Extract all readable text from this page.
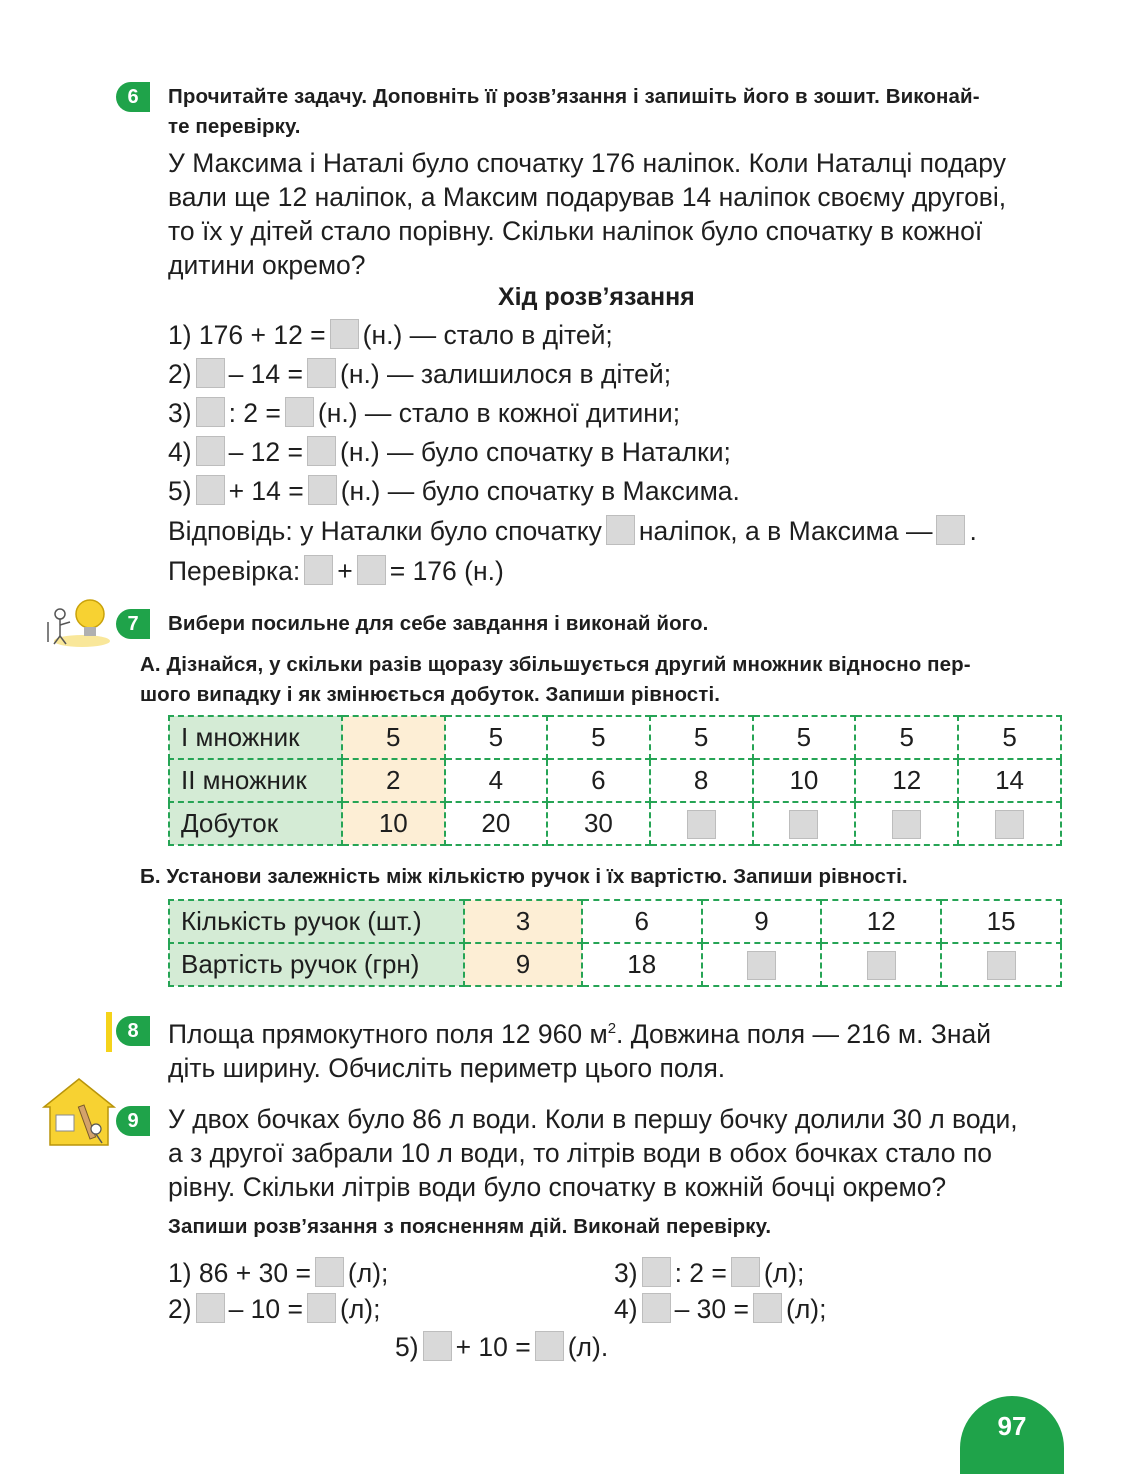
6	Прочитайте задачу. Доповніть її розв’язання і запишіть його в зошит. Виконай-
те перевірку.
У Максима і Наталі було спочатку 176 наліпок. Коли Наталці подару
вали ще 12 наліпок, а Максим подарував 14 наліпок своєму другові,
то їх у дітей стало порівну. Скільки наліпок було спочатку в кожної
дитини окремо?
Хід розв’язання
1) 176 + 12 = (н.) — стало в дітей;
2) – 14 = (н.) — залишилося в дітей;
3) : 2 = (н.) — стало в кожної дитини;
4) – 12 = (н.) — було спочатку в Наталки;
5) + 14 = (н.) — було спочатку в Максима.
Відповідь: у Наталки було спочатку наліпок, а в Максима — .
Перевірка: + = 176 (н.)
7	Вибери посильне для себе завдання і виконай його.
А. Дізнайся, у скільки разів щоразу збільшується другий множник відносно пер-
шого випадку і як змінюється добуток. Запиши рівності.
І множник	5	5	5	5	5	5	5
ІІ множник	2	4	6	8	10	12	14
Добуток	10	20	30				
Б. Установи залежність між кількістю ручок і їх вартістю. Запиши рівності.
Кількість ручок (шт.)	3	6	9	12	15
Вартість ручок (грн)	9	18			
8	Площа прямокутного поля 12 960 $м^2$. Довжина поля — 216 м. Знай
діть ширину. Обчисліть периметр цього поля.
9	У двох бочках було 86 л води. Коли в першу бочку долили 30 л води,
а з другої забрали 10 л води, то літрів води в обох бочках стало по
рівну. Скільки літрів води було спочатку в кожній бочці окремо?
Запиши розв’язання з поясненням дій. Виконай перевірку.
1) 86 + 30 = (л);
2) – 10 = (л);
3) : 2 = (л);
4) – 30 = (л);
5) + 10 = (л).
97
